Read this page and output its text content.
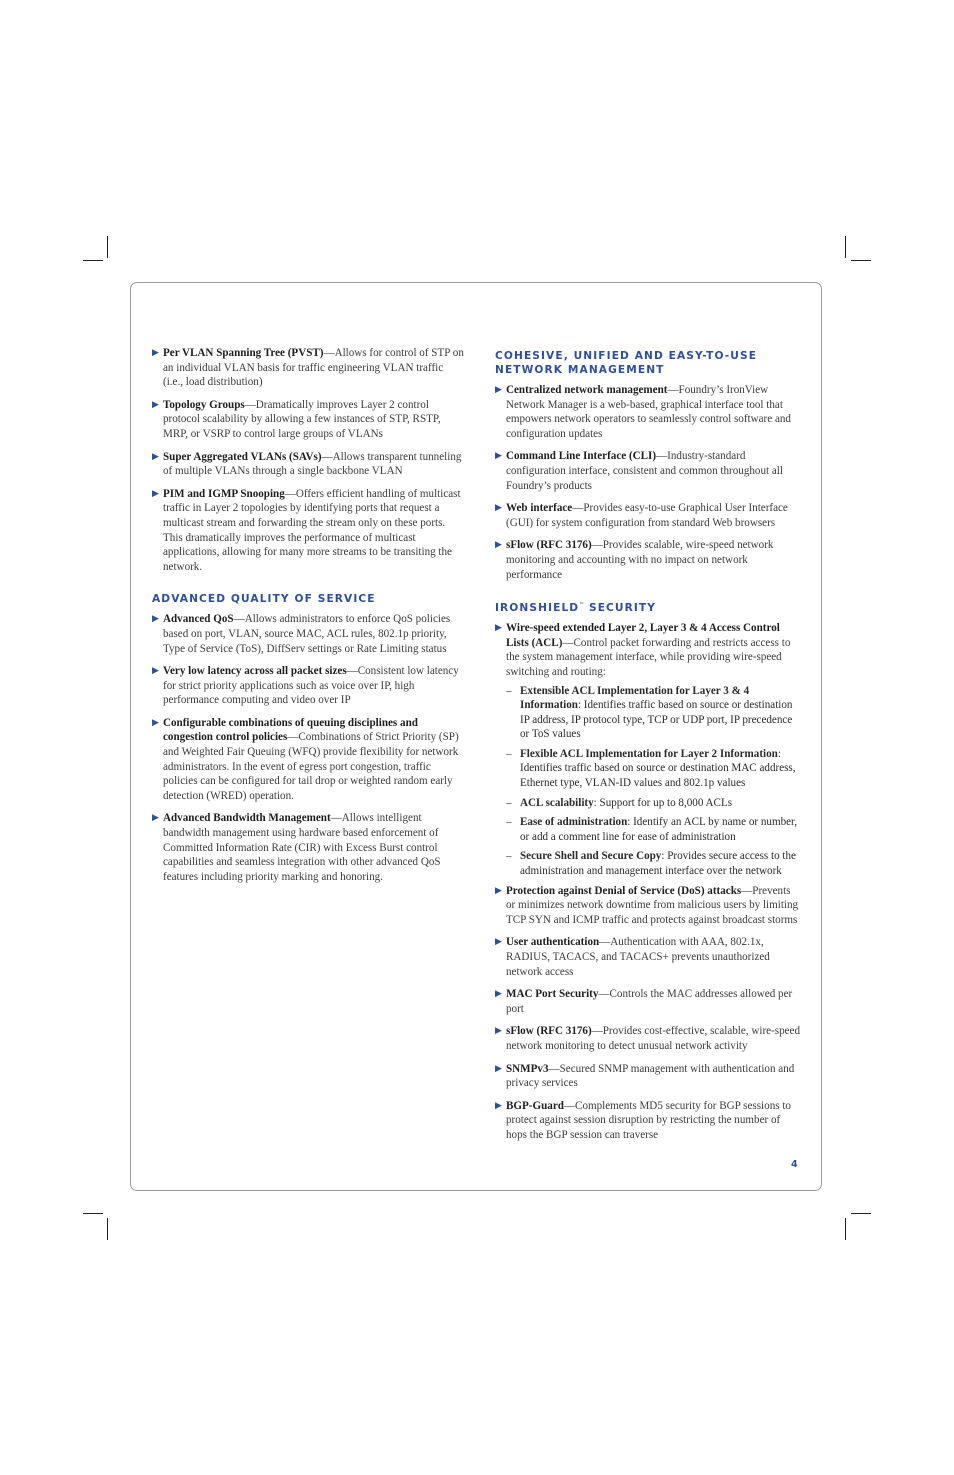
▶ Per VLAN Spanning Tree (PVST)—Allows for control of STP on an individual VLAN basis for traffic engineering VLAN traffic (i.e., load distribution)
▶ Topology Groups—Dramatically improves Layer 2 control protocol scalability by allowing a few instances of STP, RSTP, MRP, or VSRP to control large groups of VLANs
▶ Super Aggregated VLANs (SAVs)—Allows transparent tunneling of multiple VLANs through a single backbone VLAN
▶ PIM and IGMP Snooping—Offers efficient handling of multicast traffic in Layer 2 topologies by identifying ports that request a multicast stream and forwarding the stream only on these ports. This dramatically improves the performance of multicast applications, allowing for many more streams to be transiting the network.
ADVANCED QUALITY OF SERVICE
▶ Advanced QoS—Allows administrators to enforce QoS policies based on port, VLAN, source MAC, ACL rules, 802.1p priority, Type of Service (ToS), DiffServ settings or Rate Limiting status
▶ Very low latency across all packet sizes—Consistent low latency for strict priority applications such as voice over IP, high performance computing and video over IP
▶ Configurable combinations of queuing disciplines and congestion control policies—Combinations of Strict Priority (SP) and Weighted Fair Queuing (WFQ) provide flexibility for network administrators. In the event of egress port congestion, traffic policies can be configured for tail drop or weighted random early detection (WRED) operation.
▶ Advanced Bandwidth Management—Allows intelligent bandwidth management using hardware based enforcement of Committed Information Rate (CIR) with Excess Burst control capabilities and seamless integration with other advanced QoS features including priority marking and honoring.
COHESIVE, UNIFIED AND EASY-TO-USE NETWORK MANAGEMENT
▶ Centralized network management—Foundry’s IronView Network Manager is a web-based, graphical interface tool that empowers network operators to seamlessly control software and configuration updates
▶ Command Line Interface (CLI)—Industry-standard configuration interface, consistent and common throughout all Foundry’s products
▶ Web interface—Provides easy-to-use Graphical User Interface (GUI) for system configuration from standard Web browsers
▶ sFlow (RFC 3176)—Provides scalable, wire-speed network monitoring and accounting with no impact on network performance
IRONSHIELD™ SECURITY
▶ Wire-speed extended Layer 2, Layer 3 & 4 Access Control Lists (ACL)—Control packet forwarding and restricts access to the system management interface, while providing wire-speed switching and routing:
– Extensible ACL Implementation for Layer 3 & 4 Information: Identifies traffic based on source or destination IP address, IP protocol type, TCP or UDP port, IP precedence or ToS values
– Flexible ACL Implementation for Layer 2 Information: Identifies traffic based on source or destination MAC address, Ethernet type, VLAN-ID values and 802.1p values
– ACL scalability: Support for up to 8,000 ACLs
– Ease of administration: Identify an ACL by name or number, or add a comment line for ease of administration
– Secure Shell and Secure Copy: Provides secure access to the administration and management interface over the network
▶ Protection against Denial of Service (DoS) attacks—Prevents or minimizes network downtime from malicious users by limiting TCP SYN and ICMP traffic and protects against broadcast storms
▶ User authentication—Authentication with AAA, 802.1x, RADIUS, TACACS, and TACACS+ prevents unauthorized network access
▶ MAC Port Security—Controls the MAC addresses allowed per port
▶ sFlow (RFC 3176)—Provides cost-effective, scalable, wire-speed network monitoring to detect unusual network activity
▶ SNMPv3—Secured SNMP management with authentication and privacy services
▶ BGP-Guard—Complements MD5 security for BGP sessions to protect against session disruption by restricting the number of hops the BGP session can traverse
4
